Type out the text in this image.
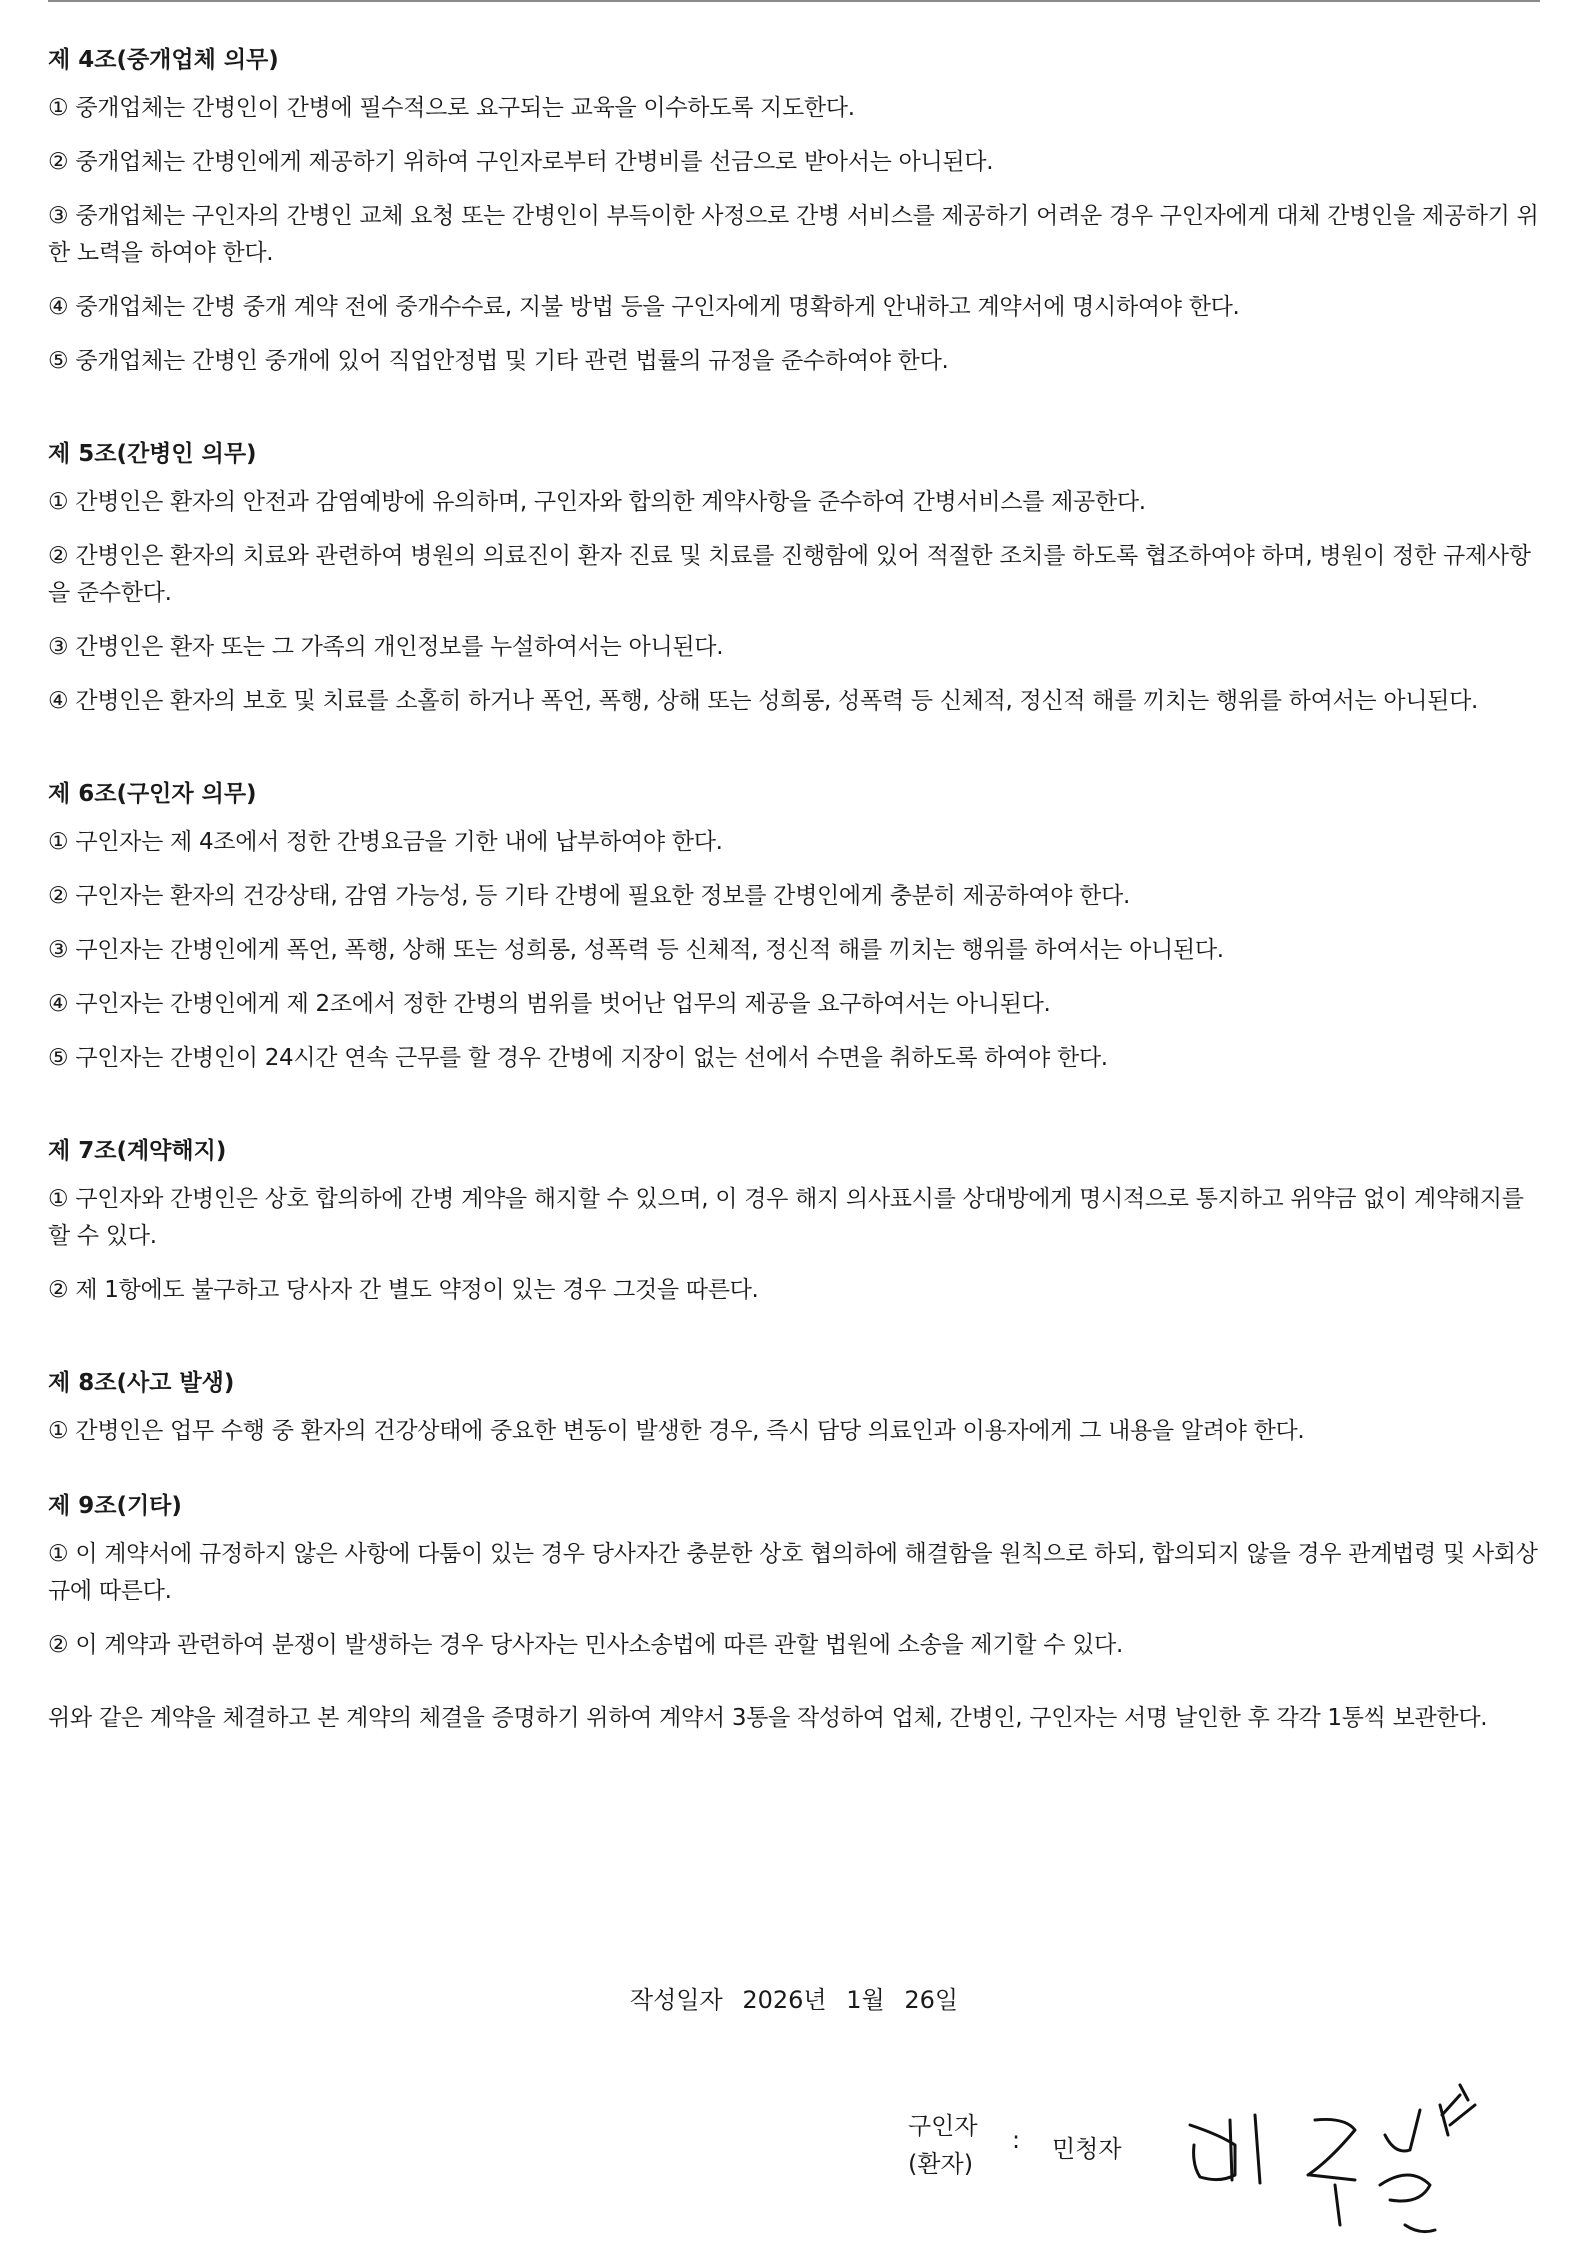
제 4조(중개업체 의무)
① 중개업체는 간병인이 간병에 필수적으로 요구되는 교육을 이수하도록 지도한다.
② 중개업체는 간병인에게 제공하기 위하여 구인자로부터 간병비를 선금으로 받아서는 아니된다.
③ 중개업체는 구인자의 간병인 교체 요청 또는 간병인이 부득이한 사정으로 간병 서비스를 제공하기 어려운 경우 구인자에게 대체 간병인을 제공하기 위한 노력을 하여야 한다.
④ 중개업체는 간병 중개 계약 전에 중개수수료, 지불 방법 등을 구인자에게 명확하게 안내하고 계약서에 명시하여야 한다.
⑤ 중개업체는 간병인 중개에 있어 직업안정법 및 기타 관련 법률의 규정을 준수하여야 한다.
제 5조(간병인 의무)
① 간병인은 환자의 안전과 감염예방에 유의하며, 구인자와 합의한 계약사항을 준수하여 간병서비스를 제공한다.
② 간병인은 환자의 치료와 관련하여 병원의 의료진이 환자 진료 및 치료를 진행함에 있어 적절한 조치를 하도록 협조하여야 하며, 병원이 정한 규제사항을 준수한다.
③ 간병인은 환자 또는 그 가족의 개인정보를 누설하여서는 아니된다.
④ 간병인은 환자의 보호 및 치료를 소홀히 하거나 폭언, 폭행, 상해 또는 성희롱, 성폭력 등 신체적, 정신적 해를 끼치는 행위를 하여서는 아니된다.
제 6조(구인자 의무)
① 구인자는 제 4조에서 정한 간병요금을 기한 내에 납부하여야 한다.
② 구인자는 환자의 건강상태, 감염 가능성, 등 기타 간병에 필요한 정보를 간병인에게 충분히 제공하여야 한다.
③ 구인자는 간병인에게 폭언, 폭행, 상해 또는 성희롱, 성폭력 등 신체적, 정신적 해를 끼치는 행위를 하여서는 아니된다.
④ 구인자는 간병인에게 제 2조에서 정한 간병의 범위를 벗어난 업무의 제공을 요구하여서는 아니된다.
⑤ 구인자는 간병인이 24시간 연속 근무를 할 경우 간병에 지장이 없는 선에서 수면을 취하도록 하여야 한다.
제 7조(계약해지)
① 구인자와 간병인은 상호 합의하에 간병 계약을 해지할 수 있으며, 이 경우 해지 의사표시를 상대방에게 명시적으로 통지하고 위약금 없이 계약해지를 할 수 있다.
② 제 1항에도 불구하고 당사자 간 별도 약정이 있는 경우 그것을 따른다.
제 8조(사고 발생)
① 간병인은 업무 수행 중 환자의 건강상태에 중요한 변동이 발생한 경우, 즉시 담당 의료인과 이용자에게 그 내용을 알려야 한다.
제 9조(기타)
① 이 계약서에 규정하지 않은 사항에 다툼이 있는 경우 당사자간 충분한 상호 협의하에 해결함을 원칙으로 하되, 합의되지 않을 경우 관계법령 및 사회상규에 따른다.
② 이 계약과 관련하여 분쟁이 발생하는 경우 당사자는 민사소송법에 따른 관할 법원에 소송을 제기할 수 있다.
위와 같은 계약을 체결하고 본 계약의 체결을 증명하기 위하여 계약서 3통을 작성하여 업체, 간병인, 구인자는 서명 날인한 후 각각 1통씩 보관한다.
작성일자 2026년 1월 26일
구인자
(환자)
: 민청자
